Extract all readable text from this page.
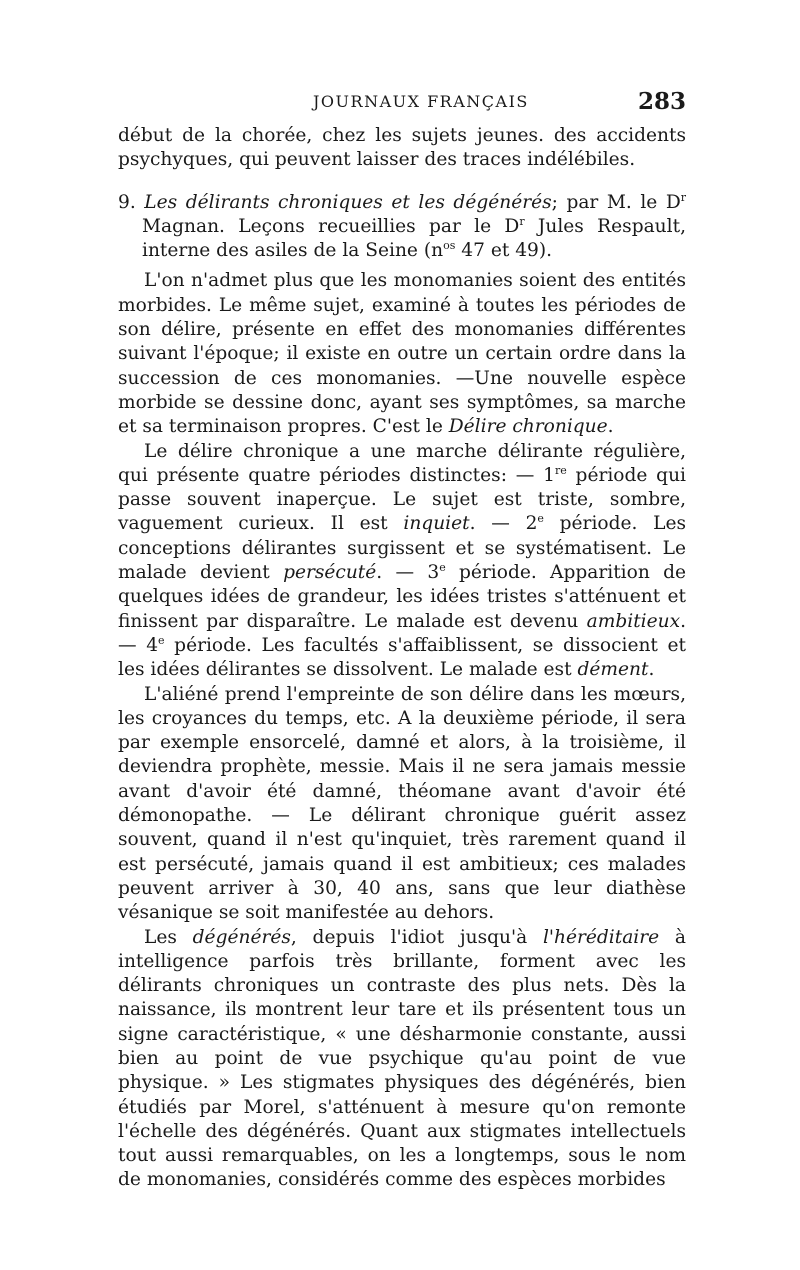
JOURNAUX FRANÇAIS	283

début de la chorée, chez les sujets jeunes. des accidents psychyques, qui peuvent laisser des traces indélébiles.

9. Les délirants chroniques et les dégénérés; par M. le $D^r$ Magnan. Leçons recueillies par le $D^r$ Jules Respault, interne des asiles de la Seine ($n^{os}$ 47 et 49).

L'on n'admet plus que les monomanies soient des entités morbides. Le même sujet, examiné à toutes les périodes de son délire, présente en effet des monomanies différentes suivant l'époque; il existe en outre un certain ordre dans la succession de ces monomanies. —Une nouvelle espèce morbide se dessine donc, ayant ses symptômes, sa marche et sa terminaison propres. C'est le Délire chronique.

Le délire chronique a une marche délirante régulière, qui présente quatre périodes distinctes: — 1re période qui passe souvent inaperçue. Le sujet est triste, sombre, vaguement curieux. Il est inquiet. — 2e période. Les conceptions délirantes surgissent et se systématisent. Le malade devient persécuté. — 3e période. Apparition de quelques idées de grandeur, les idées tristes s'atténuent et finissent par disparaître. Le malade est devenu ambitieux. — 4e période. Les facultés s'affaiblissent, se dissocient et les idées délirantes se dissolvent. Le malade est dément.

L'aliéné prend l'empreinte de son délire dans les mœurs, les croyances du temps, etc. A la deuxième période, il sera par exemple ensorcelé, damné et alors, à la troisième, il deviendra prophète, messie. Mais il ne sera jamais messie avant d'avoir été damné, théomane avant d'avoir été démonopathe. — Le délirant chronique guérit assez souvent, quand il n'est qu'inquiet, très rarement quand il est persécuté, jamais quand il est ambitieux; ces malades peuvent arriver à 30, 40 ans, sans que leur diathèse vésanique se soit manifestée au dehors.

Les dégénérés, depuis l'idiot jusqu'à l'héréditaire à intelligence parfois très brillante, forment avec les délirants chroniques un contraste des plus nets. Dès la naissance, ils montrent leur tare et ils présentent tous un signe caractéristique, « une désharmonie constante, aussi bien au point de vue psychique qu'au point de vue physique. » Les stigmates physiques des dégénérés, bien étudiés par Morel, s'atténuent à mesure qu'on remonte l'échelle des dégénérés. Quant aux stigmates intellectuels tout aussi remarquables, on les a longtemps, sous le nom de monomanies, considérés comme des espèces morbides
